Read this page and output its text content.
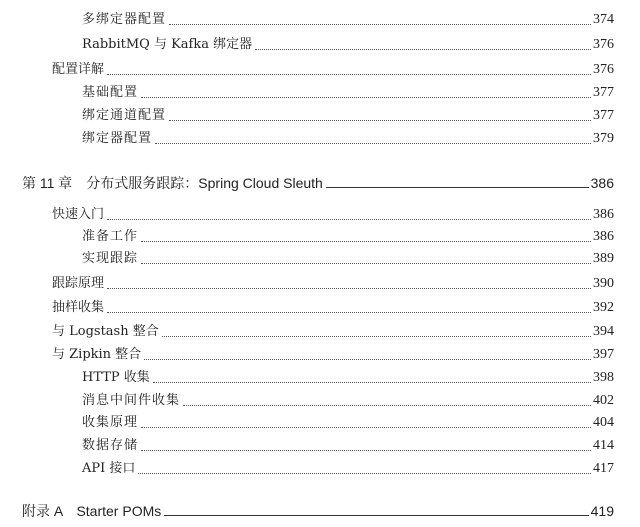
多绑定器配置	374
RabbitMQ 与 Kafka 绑定器	376
配置详解	376
基础配置	377
绑定通道配置	377
绑定器配置	379
第 11 章　分布式服务跟踪：Spring Cloud Sleuth	386
快速入门	386
准备工作	386
实现跟踪	389
跟踪原理	390
抽样收集	392
与 Logstash 整合	394
与 Zipkin 整合	397
HTTP 收集	398
消息中间件收集	402
收集原理	404
数据存储	414
API 接口	417
附录 A　Starter POMs	419
